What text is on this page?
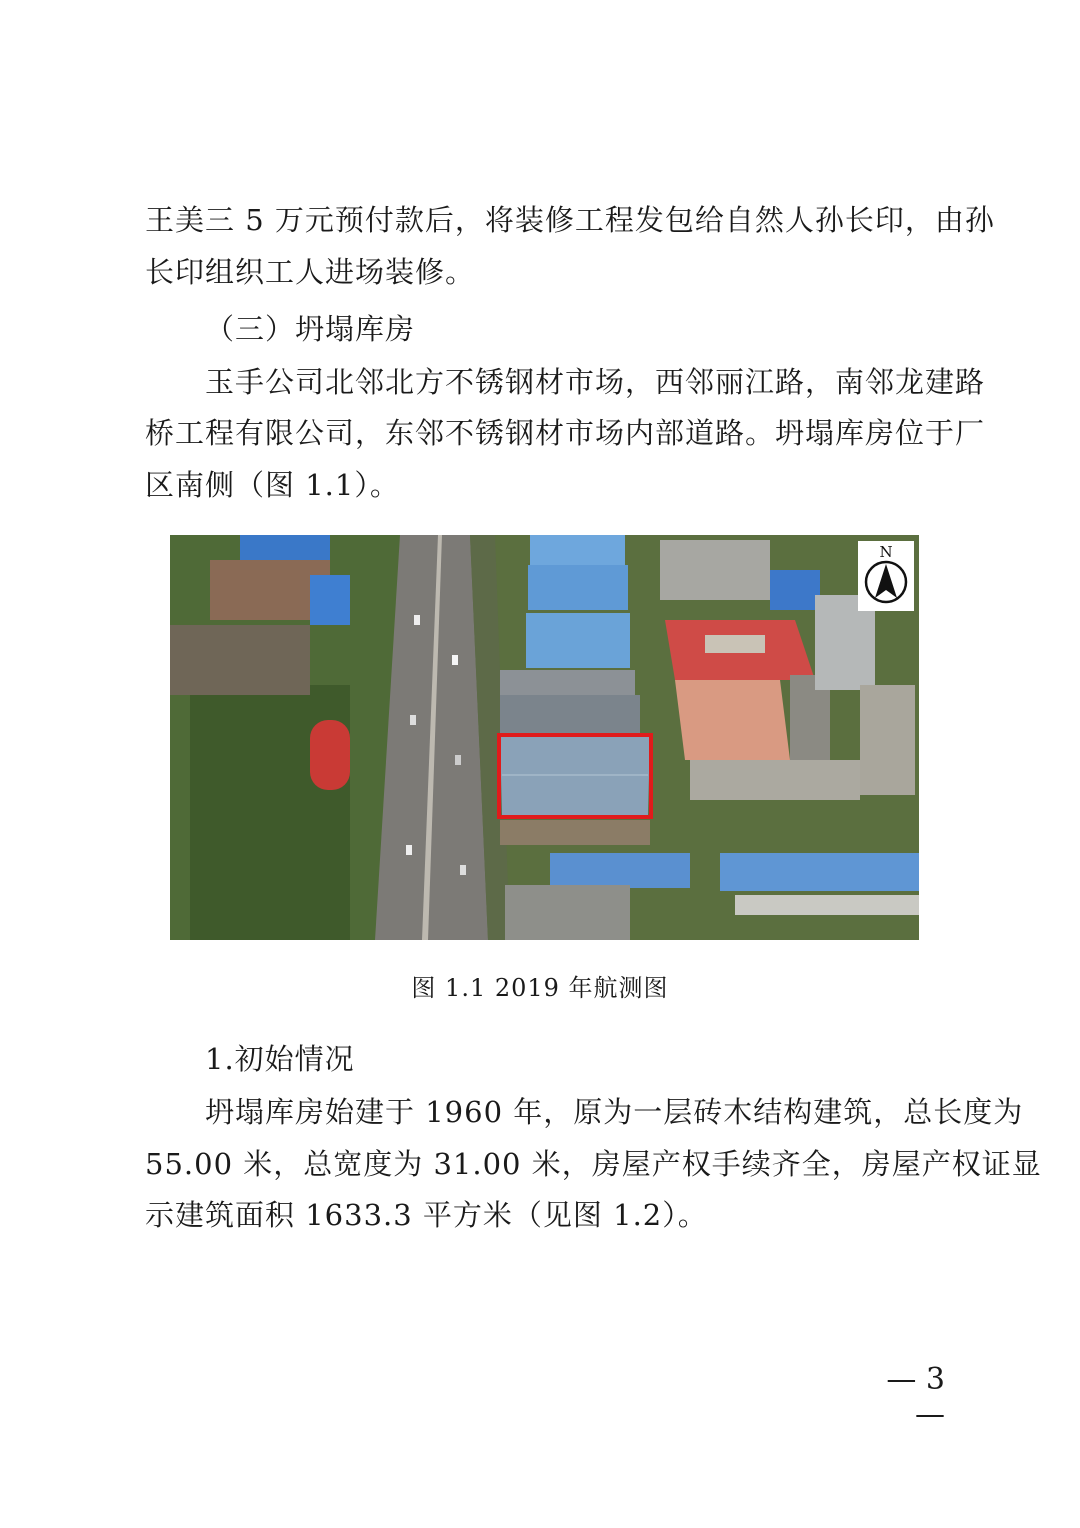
王美三 5 万元预付款后，将装修工程发包给自然人孙长印，由孙
长印组织工人进场装修。
（三）坍塌库房
玉手公司北邻北方不锈钢材市场，西邻丽江路，南邻龙建路
桥工程有限公司，东邻不锈钢材市场内部道路。坍塌库房位于厂
区南侧（图 1.1）。
N
图 1.1 2019 年航测图
1.初始情况
坍塌库房始建于 1960 年，原为一层砖木结构建筑，总长度为
55.00 米，总宽度为 31.00 米，房屋产权手续齐全，房屋产权证显
示建筑面积 1633.3 平方米（见图 1.2）。
— 3 —
